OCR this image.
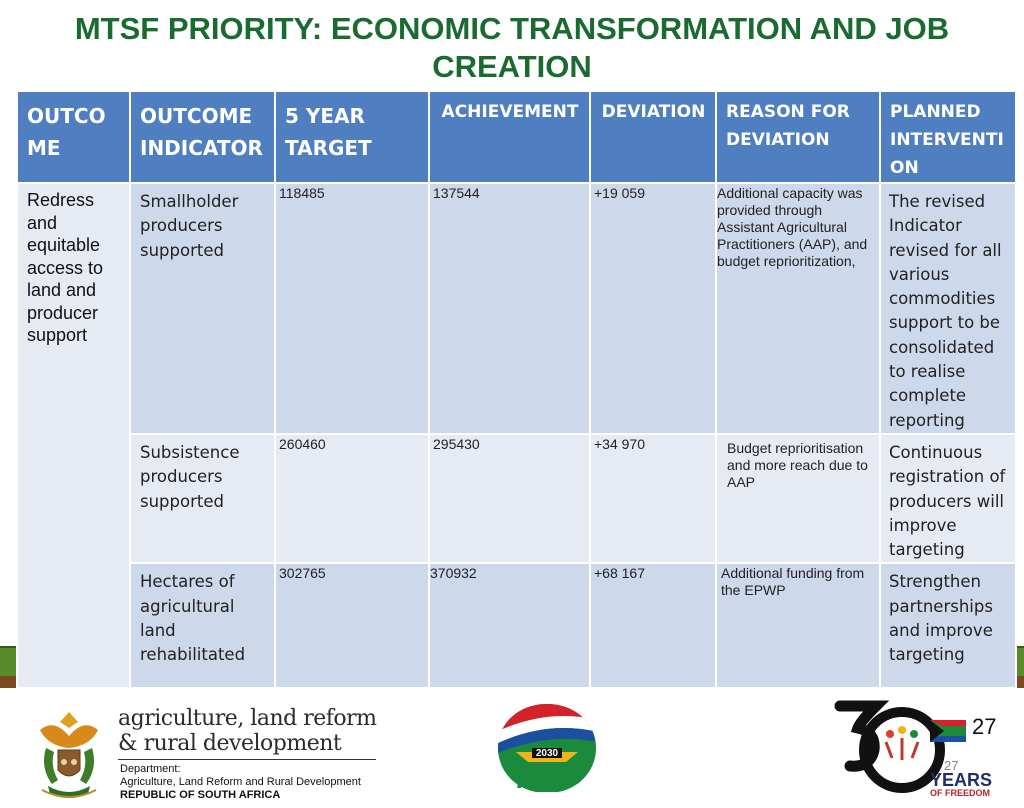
MTSF PRIORITY: ECONOMIC TRANSFORMATION AND JOB CREATION
OUTCO ME	OUTCOME INDICATOR	5 YEAR TARGET	ACHIEVEMENT	DEVIATION	REASON FOR DEVIATION	PLANNED INTERVENTI ON

Redress and equitable access to land and producer support	Smallholder producers supported	118485	137544	+19 059	Additional capacity was provided through Assistant Agricultural Practitioners (AAP), and budget reprioritization,	The revised Indicator revised for all various commodities support to be consolidated to realise complete reporting

	Subsistence producers supported	260460	295430	+34 970	Budget reprioritisation and more reach due to AAP	Continuous registration of producers will improve targeting

	Hectares of agricultural land rehabilitated	302765	370932	+68 167	Additional funding from the EPWP	Strengthen partnerships and improve targeting
agriculture, land reform
& rural development
Department:
Agriculture, Land Reform and Rural Development
REPUBLIC OF SOUTH AFRICA
2030
NDP	YEARS
OF FREEDOM
27
27
